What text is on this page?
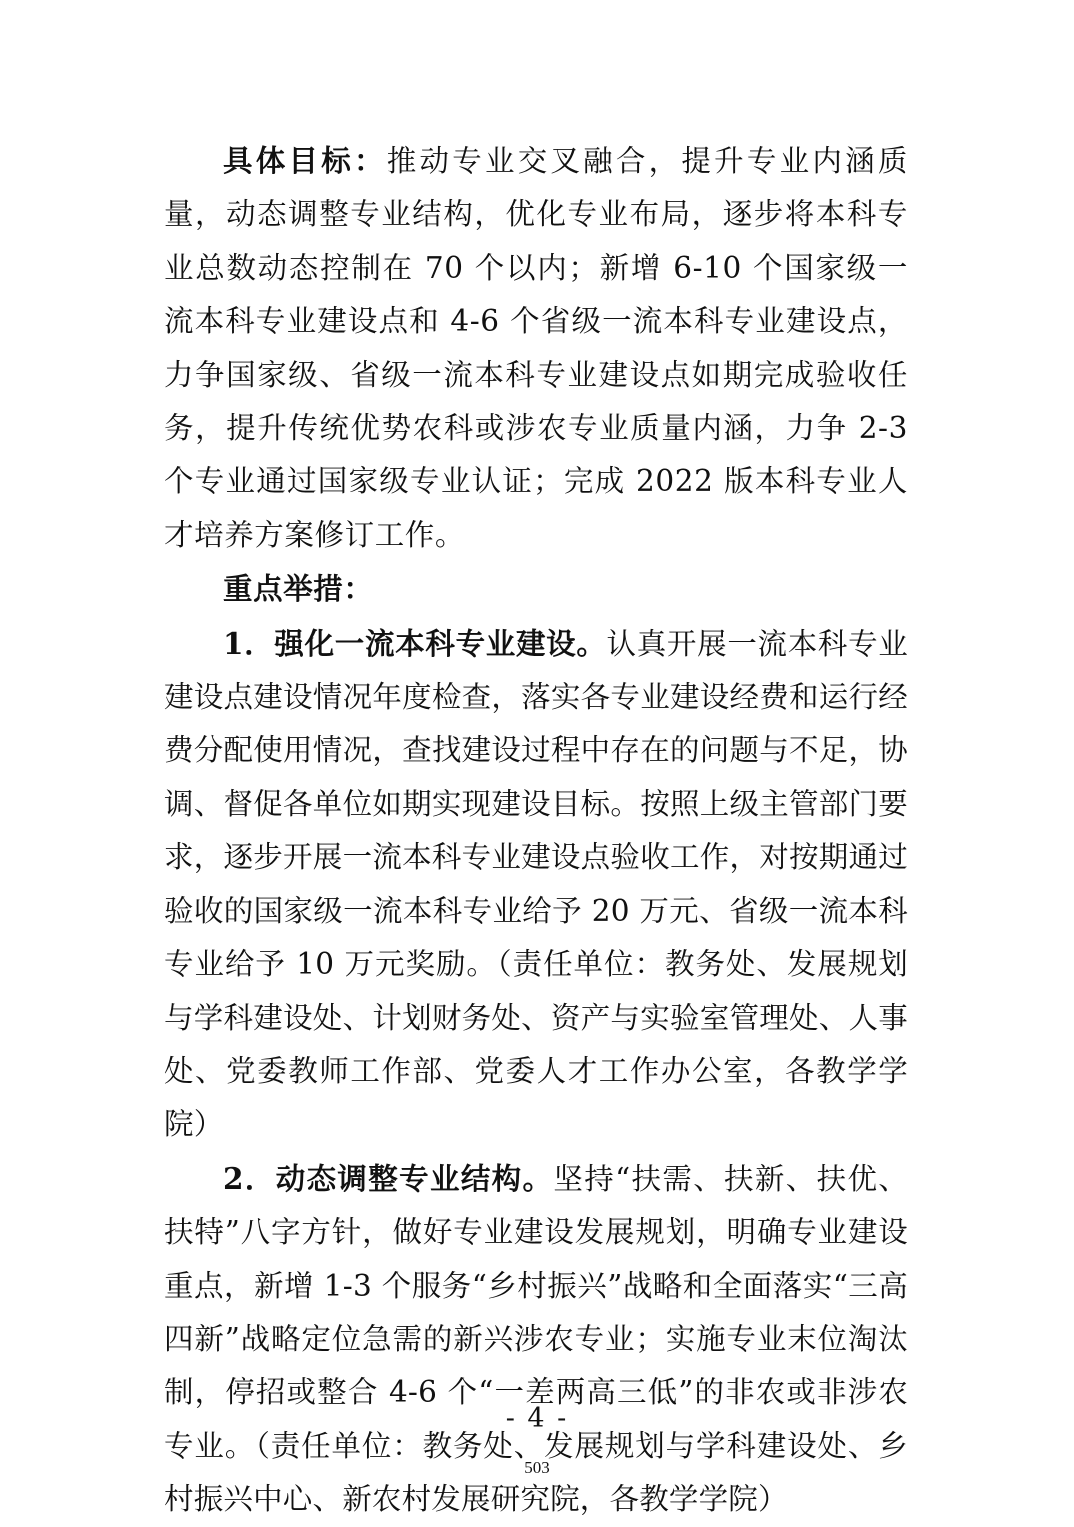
具体目标：推动专业交叉融合，提升专业内涵质量，动态调整专业结构，优化专业布局，逐步将本科专业总数动态控制在 70 个以内；新增 6-10 个国家级一流本科专业建设点和 4-6 个省级一流本科专业建设点，力争国家级、省级一流本科专业建设点如期完成验收任务，提升传统优势农科或涉农专业质量内涵，力争 2-3 个专业通过国家级专业认证；完成 2022 版本科专业人才培养方案修订工作。

重点举措：

1．强化一流本科专业建设。认真开展一流本科专业建设点建设情况年度检查，落实各专业建设经费和运行经费分配使用情况，查找建设过程中存在的问题与不足，协调、督促各单位如期实现建设目标。按照上级主管部门要求，逐步开展一流本科专业建设点验收工作，对按期通过验收的国家级一流本科专业给予 20 万元、省级一流本科专业给予 10 万元奖励。（责任单位：教务处、发展规划与学科建设处、计划财务处、资产与实验室管理处、人事处、党委教师工作部、党委人才工作办公室，各教学学院）

2．动态调整专业结构。坚持“扶需、扶新、扶优、扶特”八字方针，做好专业建设发展规划，明确专业建设重点，新增 1-3 个服务“乡村振兴”战略和全面落实“三高四新”战略定位急需的新兴涉农专业；实施专业末位淘汰制，停招或整合 4-6 个“一差两高三低”的非农或非涉农专业。（责任单位：教务处、发展规划与学科建设处、乡村振兴中心、新农村发展研究院，各教学学院）

- 4 -
503
